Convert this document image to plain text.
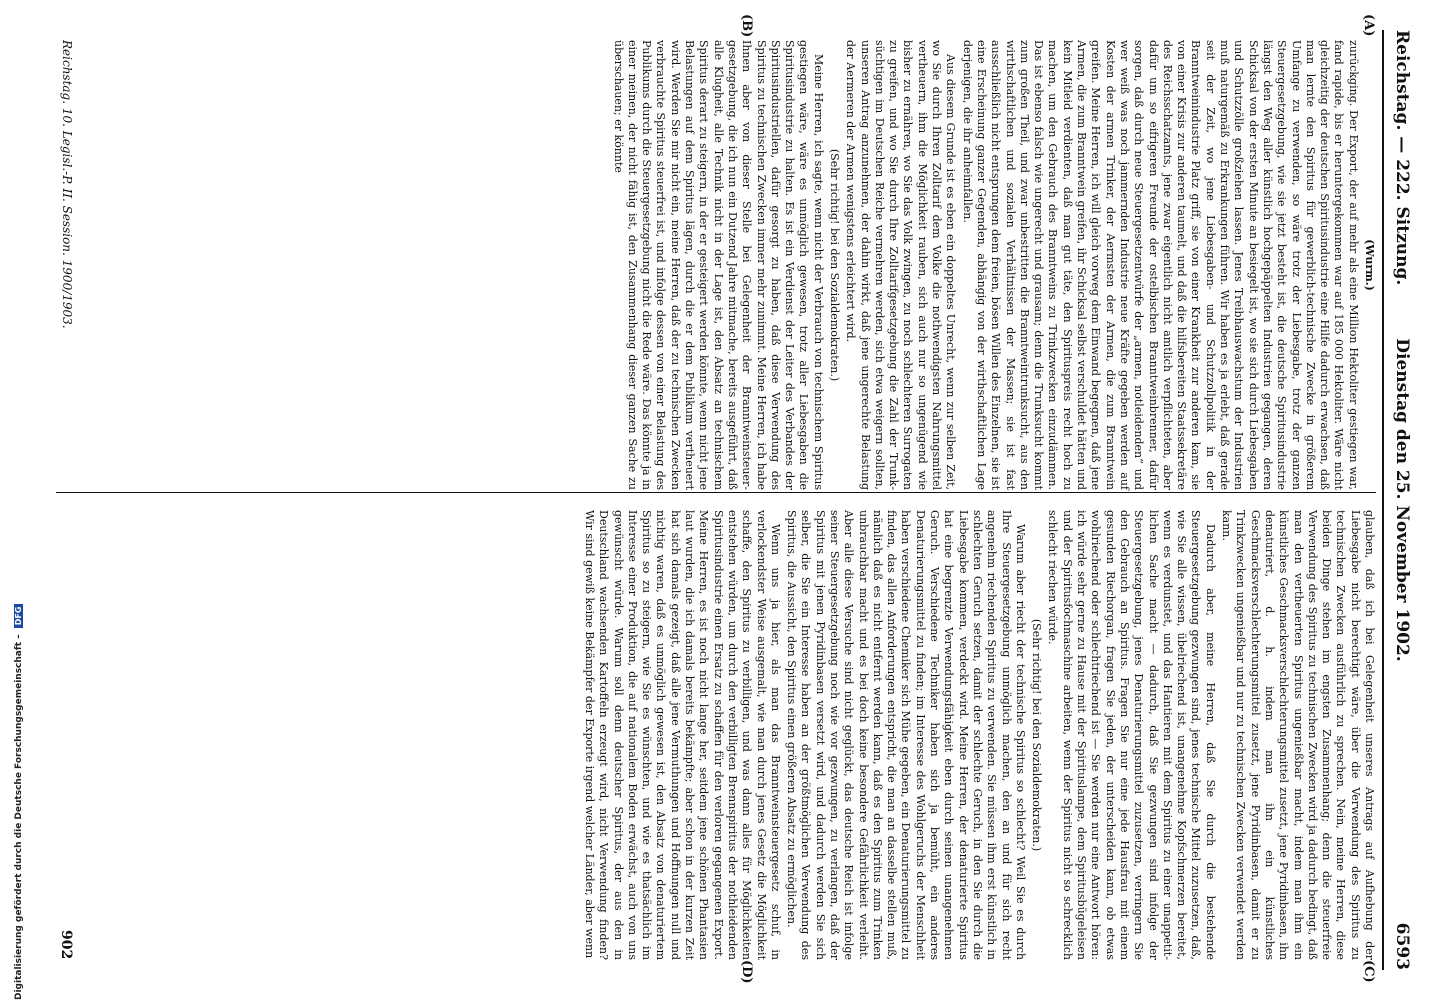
Reichstag. — 222. Sitzung.
Dienstag den 25. November 1902.
6593
(A)
(B)
(C)
(D)

(Wurm.)

zurückging. Der Export, der auf mehr als eine Million Hektoliter gestiegen war, fand rapide, bis er heruntergekommen war auf 185 000 Hektoliter. Wäre nicht gleichzeitig der deutschen Spiritusindustrie eine Hilfe dadurch erwachsen, daß man lernte den Spiritus für gewerblich-technische Zwecke in größerem Umfange zu verwenden, so wäre trotz der Liebesgabe, trotz der ganzen Steuergesetzgebung, wie sie jetzt besteht ist, die deutsche Spiritusindustrie längst den Weg aller künstlich hochgepäppelten Industrien gegangen, deren Schicksal von der ersten Minute an besiegelt ist, wo sie sich durch Liebesgaben und Schutzzölle großziehen lassen. Jenes Treibhauswachstum der Industrien muß naturgemäß zu Erkrankungen führen. Wir haben es ja erlebt, daß gerade seit der Zeit, wo jene Liebesgaben- und Schutzzollpolitik in der Branntweinindustrie Platz griff, sie von einer Krankheit zur anderen kam, sie von einer Krisis zur anderen taumelt, und daß die hilfsbereiten Staatssekretäre des Reichsschatzamts, jene zwar eigentlich nicht amtlich verpflichteten, aber dafür um so eifrigeren Freunde der ostelbischen Branntweinbrenner, dafür sorgen, daß durch neue Steuergesetzentwürfe der „armen, notleidenden“ und wer weiß was noch jammernden Industrie neue Kräfte gegeben werden auf Kosten der armen Trinker, der Aermsten der Armen, die zum Branntwein greifen. Meine Herren, ich will gleich vorweg dem Einwand begegnen, daß jene Armen, die zum Branntwein greifen, ihr Schicksal selbst verschuldet hätten und kein Mitleid verdienten, daß man gut täte, den Spirituspreis recht hoch zu machen, um den Gebrauch des Branntweins zu Trinkzwecken einzudämmen. Das ist ebenso falsch wie ungerecht und grausam; denn die Trunksucht kommt zum großen Theil, und zwar unbestritten die Branntweintrunksucht, aus den wirthschaftlichen und sozialen Verhältnissen der Massen; sie ist fast ausschließlich nicht entsprungen dem freien, bösen Willen des Einzelnen, sie ist eine Erscheinung ganzer Gegenden, abhängig von der wirthschaftlichen Lage derjenigen, die ihr anheimfallen.

Aus diesem Grunde ist es eben ein doppeltes Unrecht, wenn zur selben Zeit, wo Sie durch Ihren Zolltarif dem Volke die nothwendigsten Nahrungsmittel vertheuern, ihm die Möglichkeit rauben, sich auch nur so ungenügend wie bisher zu ernähren, wo Sie das Volk zwingen, zu noch schlechteren Surrogaten zu greifen, und wo Sie durch Ihre Zolltarifgesetzgebung die Zahl der Trunksüchtigen im Deutschen Reiche vermehren werden, sich etwa weigern sollten, unseren Antrag anzunehmen, der dahin wirkt, daß jene ungerechte Belastung der Aermeren der Armen wenigstens erleichtert wird.

(Sehr richtig! bei den Sozialdemokraten.)

Meine Herren, ich sagte, wenn nicht der Verbrauch von technischem Spiritus gestiegen wäre, wäre es unmöglich gewesen, trotz aller Liebesgaben die Spiritusindustrie zu halten. Es ist ein Verdienst der Leiter des Verbandes der Spiritusindustriellen, dafür gesorgt zu haben, daß diese Verwendung des Spiritus zu technischen Zwecken immer mehr zunimmt. Meine Herren, ich habe Ihnen aber von dieser Stelle bei Gelegenheit der Branntweinsteuergesetzgebung, die ich nun ein Dutzend Jahre mitmache, bereits ausgeführt, daß alle Klugheit, alle Technik nicht in der Lage ist, den Absatz an technischem Spiritus derart zu steigern, in der er gesteigert werden könnte, wenn nicht jene Belastungen auf dem Spiritus lägen, durch die er dem Publikum vertheuert wird. Werden Sie mir nicht ein, meine Herren, daß der zu technischen Zwecken verbrauchte Spiritus steuerfrei ist, und infolge dessen von einer Belastung des Publikums durch die Steuergesetzgebung nicht die Rede wäre. Das könnte ja in einer meinen, der nicht fähig ist, den Zusammenhang dieser ganzen Sache zu überschauen; er könnte

glauben, daß ich bei Gelegenheit unseres Antrags auf Aufhebung der Liebesgabe nicht berechtigt wäre, über die Verwendung des Spiritus zu technischen Zwecken ausführlich zu sprechen. Nein, meine Herren, diese beiden Dinge stehen im engsten Zusammenhang; denn die steuerfreie Verwendung des Spiritus zu technischen Zwecken wird ja dadurch bedingt, daß man den vertheuerten Spiritus ungenießbar macht, indem man ihm ein künstliches Geschmacksverschlechterungsmittel zusetzt, jene Pyridinbasen, ihn denaturiert, d. h. indem man ihn ein künstliches Geschmacksverschlechterungsmittel zusetzt, jene Pyridinbasen, damit er zu Trinkzwecken ungenießbar und nur zu technischen Zwecken verwendet werden kann.

Dadurch aber, meine Herren, daß Sie durch die bestehende Steuergesetzgebung gezwungen sind, jenes technische Mittel zuzusetzen, daß, wie Sie alle wissen, übelriechend ist, unangenehme Kopfschmerzen bereitet, wenn es verdunstet, und das Hantieren mit dem Spiritus zu einer unappetitlichen Sache macht — dadurch, daß Sie gezwungen sind infolge der Steuergesetzgebung, jenes Denaturierungsmittel zuzusetzen, verringern Sie den Gebrauch an Spiritus. Fragen Sie nur eine jede Hausfrau mit einem gesunden Riechorgan, fragen Sie jeden, der unterscheiden kann, ob etwas wohlriechend oder schlechtriechend ist — Sie werden nur eine Antwort hören: ich würde sehr gerne zu Hause mit der Spirituslampe, dem Spiritusbügeleisen und der Spiritusfochmaschine arbeiten, wenn der Spiritus nicht so schrecklich schlecht riechen würde.

(Sehr richtig! bei den Sozialdemokraten.)

Warum aber riecht der technische Spiritus so schlecht? Weil Sie es durch Ihre Steuergesetzgebung unmöglich machen, den an und für sich recht angenehm riechenden Spiritus zu verwenden. Sie müssen ihm erst künstlich in schlechten Geruch setzen, damit der schlechte Geruch, in den Sie durch die Liebesgabe kommen, verdeckt wird. Meine Herren, der denaturierte Spiritus hat eine begrenzte Verwendungsfähigkeit eben durch seinen unangenehmen Geruch. Verschiedene Techniker haben sich ja bemüht, ein anderes Denaturierungsmittel zu finden; im Interesse des Wohlgeruchs der Menschheit haben verschiedene Chemiker sich Mühe gegeben, ein Denaturierungsmittel zu finden, das allen Anforderungen entspricht, die man an dasselbe stellen muß, nämlich daß es nicht entfernt werden kann, daß es den Spiritus zum Trinken unbrauchbar macht und es bei doch keine besondere Gefährlichkeit verleiht. Aber alle diese Versuche sind nicht geglückt, das deutsche Reich ist infolge seiner Steuergesetzgebung noch wie vor gezwungen, zu verlangen, daß der Spiritus mit jenen Pyridinbasen versetzt wird, und dadurch werden Sie sich selber, die Sie ein Interesse haben an der größtmöglichen Verwendung des Spiritus, die Aussicht, den Spiritus einen größeren Absatz zu ermöglichen.

Wenn uns ja hier, als man das Branntweinsteuergesetz schuf, in verlockendster Weise ausgemalt, wie man durch jenes Gesetz die Möglichkeit schaffe, den Spiritus zu verbilligen, und was dann alles für Möglichkeiten entstehen würden, um durch den verbilligten Brennspiritus der nothleidenden Spiritusindustrie einen Ersatz zu schaffen für den verloren gegangenen Export. Meine Herren, es ist noch nicht lange her, seitdem jene schönen Phantasien laut wurden, die ich damals bereits bekämpfte; aber schon in der kurzen Zeit hat sich damals gezeigt, daß alle jene Vermuthungen und Hoffnungen null und nichtig waren, daß es unmöglich gewesen ist, den Absatz von denaturiertem Spiritus so zu steigern, wie Sie es wünschten, und wie es thatsächlich im Interesse einer Produktion, die auf nationalem Boden erwächst, auch von uns gewünscht würde. Warum soll denn deutscher Spiritus, der aus den in Deutschland wachsenden Kartoffeln erzeugt wird, nicht Verwendung finden? Wir sind gewiß keine Bekämpfer der Exporte irgend welcher Länder, aber wenn

Reichstag. 10. Legisl.-P. II. Session. 1900/1903.
902
Digitalisierung gefördert durch die Deutsche Forschungsgemeinschaft –DFG
